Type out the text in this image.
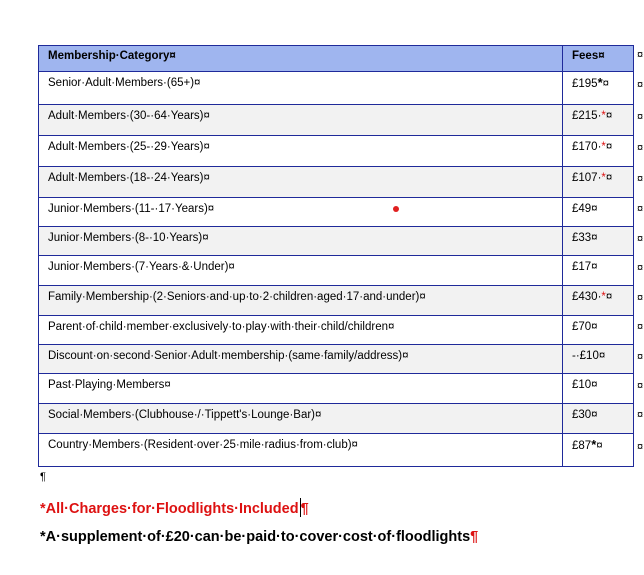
Membership·Category¤	Fees¤
Senior·Adult·Members·(65+)¤	£195*¤
Adult·Members·(30-·64·Years)¤	£215·*¤
Adult·Members·(25-·29·Years)¤	£170·*¤
Adult·Members·(18-·24·Years)¤	£107·*¤
Junior·Members·(11-·17·Years)¤	£49¤
Junior·Members·(8-·10·Years)¤	£33¤
Junior·Members·(7·Years·&·Under)¤	£17¤
Family·Membership·(2·Seniors·and·up·to·2·children·aged·17·and·under)¤	£430·*¤
Parent·of·child·member·exclusively·to·play·with·their·child/children¤	£70¤
Discount·on·second·Senior·Adult·membership·(same·family/address)¤	-·£10¤
Past·Playing·Members¤	£10¤
Social·Members·(Clubhouse·/·Tippett's·Lounge·Bar)¤	£30¤
Country·Members·(Resident·over·25·mile·radius·from·club)¤	£87*¤
¤
¤
¤
¤
¤
¤
¤
¤
¤
¤
¤
¤
¤
¤
¶
*All·Charges·for·Floodlights·Included ¶
*A·supplement·of·£20·can·be·paid·to·cover·cost·of·floodlights¶
